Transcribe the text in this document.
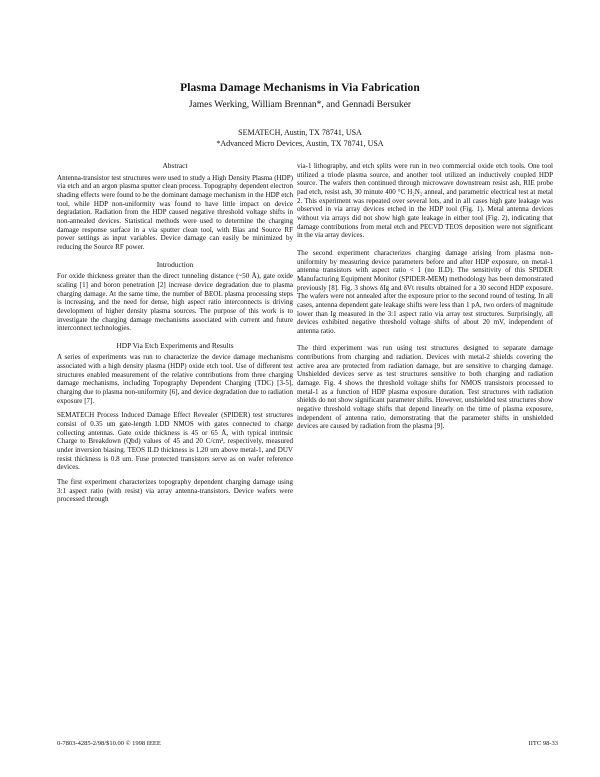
Plasma Damage Mechanisms in Via Fabrication
James Werking, William Brennan*, and Gennadi Bersuker
SEMATECH, Austin, TX 78741, USA
*Advanced Micro Devices, Austin, TX 78741, USA
Abstract

Antenna-transistor test structures were used to study a High Density Plasma (HDP) via etch and an argon plasma sputter clean process. Topography dependent electron shading effects were found to be the dominant damage mechanism in the HDP etch tool, while HDP non-uniformity was found to have little impact on device degradation. Radiation from the HDP caused negative threshold voltage shifts in non-annealed devices. Statistical methods were used to determine the charging damage response surface in a via sputter clean tool, with Bias and Source RF power settings as input variables. Device damage can easily be minimized by reducing the Source RF power.

Introduction

For oxide thickness greater than the direct tunneling distance (~50 Å), gate oxide scaling [1] and boron penetration [2] increase device degradation due to plasma charging damage. At the same time, the number of BEOL plasma processing steps is increasing, and the need for dense, high aspect ratio interconnects is driving development of higher density plasma sources. The purpose of this work is to investigate the charging damage mechanisms associated with current and future interconnect technologies.

HDP Via Etch Experiments and Results

A series of experiments was run to characterize the device damage mechanisms associated with a high density plasma (HDP) oxide etch tool. Use of different test structures enabled measurement of the relative contributions from three charging damage mechanisms, including Topography Dependent Charging (TDC) [3-5], charging due to plasma non-uniformity [6], and device degradation due to radiation exposure [7].

SEMATECH Process Induced Damage Effect Revealer (SPIDER) test structures consist of 0.35 um gate-length LDD NMOS with gates connected to charge collecting antennas. Gate oxide thickness is 45 or 65 Å, with typical intrinsic Charge to Breakdown (Qbd) values of 45 and 20 C/cm², respectively, measured under inversion biasing. TEOS ILD thickness is 1.20 um above metal-1, and DUV resist thickness is 0.8 um. Fuse protected transistors serve as on wafer reference devices.

The first experiment characterizes topography dependent charging damage using 3:1 aspect ratio (with resist) via array antenna-transistors. Device wafers were processed through

via-1 lithography, and etch splits were run in two commercial oxide etch tools. One tool utilized a triode plasma source, and another tool utilized an inductively coupled HDP source. The wafers then continued through microwave downstream resist ash, RIE probe pad etch, resist ash, 30 minute 400 °C H₂N₂ anneal, and parametric electrical test at metal 2. This experiment was repeated over several lots, and in all cases high gate leakage was observed in via array devices etched in the HDP tool (Fig. 1). Metal antenna devices without via arrays did not show high gate leakage in either tool (Fig. 2), indicating that damage contributions from metal etch and PECVD TEOS deposition were not significant in the via array devices.

The second experiment characterizes charging damage arising from plasma non-uniformity by measuring device parameters before and after HDP exposure, on metal-1 antenna transistors with aspect ratio < 1 (no ILD). The sensitivity of this SPIDER Manufacturing Equipment Monitor (SPIDER-MEM) methodology has been demonstrated previously [8]. Fig. 3 shows δIg and δVt results obtained for a 30 second HDP exposure. The wafers were not annealed after the exposure prior to the second round of testing. In all cases, antenna dependent gate leakage shifts were less than 1 pA, two orders of magnitude lower than Ig measured in the 3:1 aspect ratio via array test structures. Surprisingly, all devices exhibited negative threshold voltage shifts of about 20 mV, independent of antenna ratio.

The third experiment was run using test structures designed to separate damage contributions from charging and radiation. Devices with metal-2 shields covering the active area are protected from radiation damage, but are sensitive to charging damage. Unshielded devices serve as test structures sensitive to both charging and radiation damage. Fig. 4 shows the threshold voltage shifts for NMOS transistors processed to metal-1 as a function of HDP plasma exposure duration. Test structures with radiation shields do not show significant parameter shifts. However, unshielded test structures show negative threshold voltage shifts that depend linearly on the time of plasma exposure, independent of antenna ratio, demonstrating that the parameter shifts in unshielded devices are caused by radiation from the plasma [9].

0-7803-4285-2/98/$10.00 © 1998 IEEE	IITC 98-33
